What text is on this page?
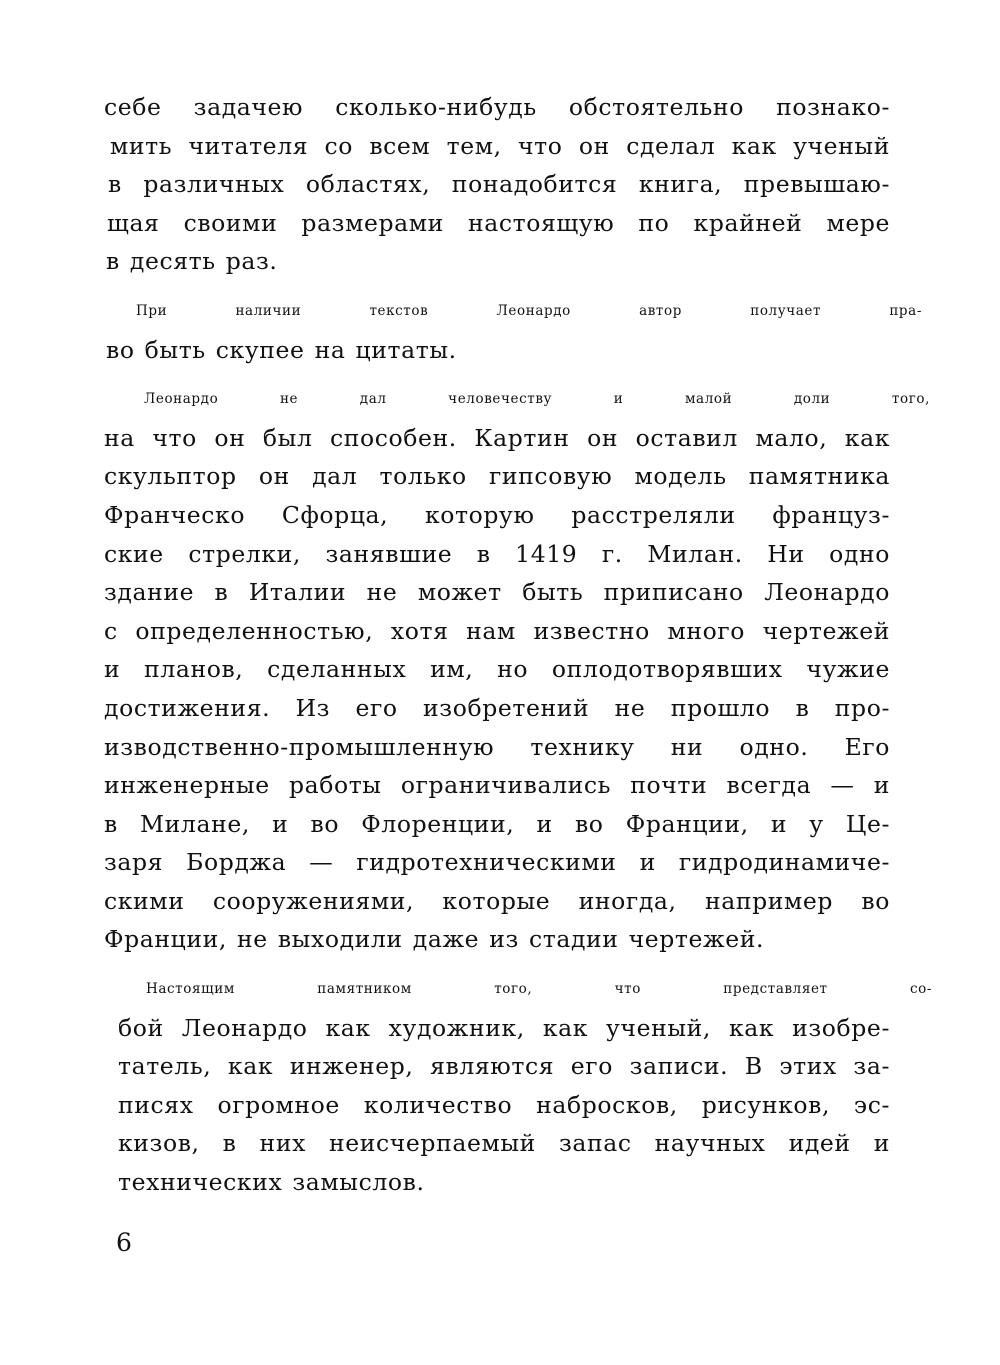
себе задачею сколько-нибудь обстоятельно познако-
мить читателя со всем тем, что он сделал как ученый
в различных областях, понадобится книга, превышаю-
щая своими размерами настоящую по крайней мере
в десять раз.
При наличии текстов Леонардо автор получает пра-
во быть скупее на цитаты.
Леонардо не дал человечеству и малой доли того,
на что он был способен. Картин он оставил мало, как
скульптор он дал только гипсовую модель памятника
Франческо Сфорца, которую расстреляли француз-
ские стрелки, занявшие в 1419 г. Милан. Ни одно
здание в Италии не может быть приписано Леонардо
с определенностью, хотя нам известно много чертежей
и планов, сделанных им, но оплодотворявших чужие
достижения. Из его изобретений не прошло в про-
изводственно-промышленную технику ни одно. Его
инженерные работы ограничивались почти всегда — и
в Милане, и во Флоренции, и во Франции, и у Це-
заря Борджа — гидротехническими и гидродинамиче-
скими сооружениями, которые иногда, например во
Франции, не выходили даже из стадии чертежей.
Настоящим памятником того, что представляет со-
бой Леонардо как художник, как ученый, как изобре-
татель, как инженер, являются его записи. В этих за-
писях огромное количество набросков, рисунков, эс-
кизов, в них неисчерпаемый запас научных идей и
технических замыслов.
6
